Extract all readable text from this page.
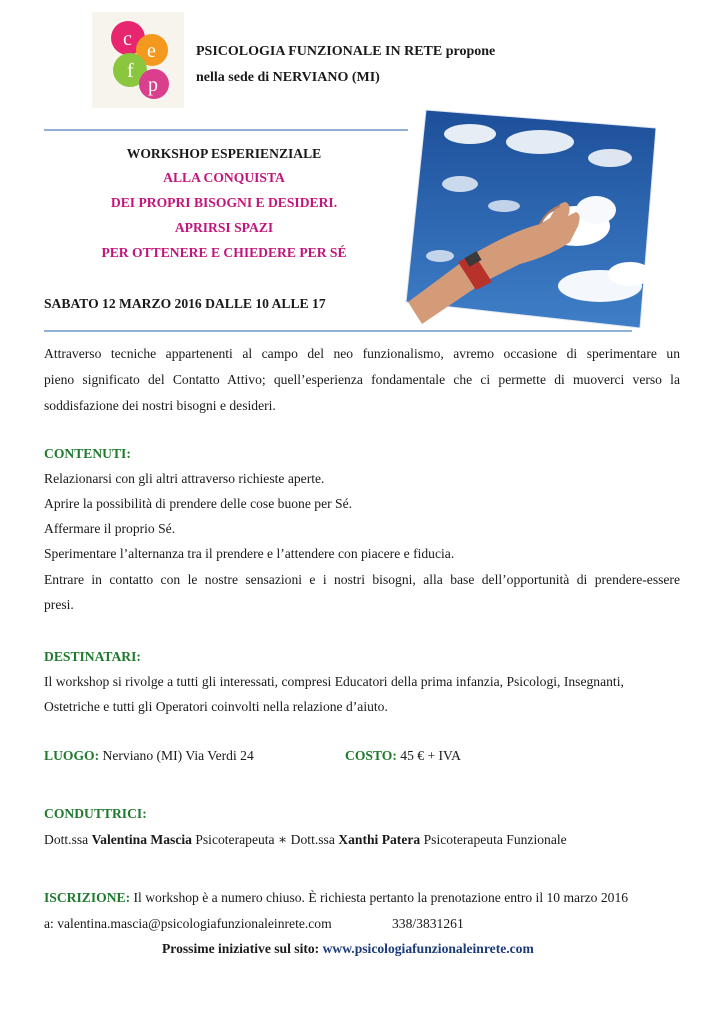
c
e
f
p
PSICOLOGIA FUNZIONALE IN RETE propone
nella sede di NERVIANO (MI)
WORKSHOP ESPERIENZIALE
ALLA CONQUISTA
DEI PROPRI BISOGNI E DESIDERI.
APRIRSI SPAZI
PER OTTENERE E CHIEDERE PER SÉ
SABATO 12 MARZO 2016 DALLE 10 ALLE 17
Attraverso tecniche appartenenti al campo del neo funzionalismo, avremo occasione di sperimentare un
pieno significato del Contatto Attivo; quell’esperienza fondamentale che ci permette di muoverci verso la
soddisfazione dei nostri bisogni e desideri.
CONTENUTI:
Relazionarsi con gli altri attraverso richieste aperte.
Aprire la possibilità di prendere delle cose buone per Sé.
Affermare il proprio Sé.
Sperimentare l’alternanza tra il prendere e l’attendere con piacere e fiducia.
Entrare in contatto con le nostre sensazioni e i nostri bisogni, alla base dell’opportunità di prendere-essere
presi.
DESTINATARI:
Il workshop si rivolge a tutti gli interessati, compresi Educatori della prima infanzia, Psicologi, Insegnanti,
Ostetriche e tutti gli Operatori coinvolti nella relazione d’aiuto.
LUOGO: Nerviano (MI) Via Verdi 24	COSTO: 45 € + IVA
CONDUTTRICI:
Dott.ssa Valentina Mascia Psicoterapeuta ∗ Dott.ssa Xanthi Patera Psicoterapeuta Funzionale
ISCRIZIONE: Il workshop è a numero chiuso. È richiesta pertanto la prenotazione entro il 10 marzo 2016
a: valentina.mascia@psicologiafunzionaleinrete.com	338/3831261
Prossime iniziative sul sito: www.psicologiafunzionaleinrete.com
